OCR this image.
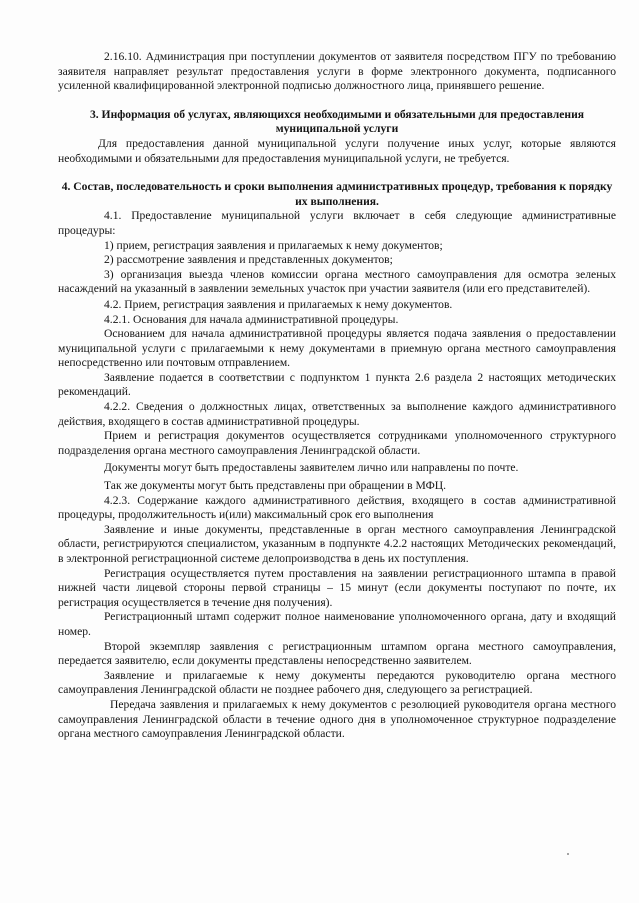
2.16.10. Администрация при поступлении документов от заявителя посредством ПГУ по требованию заявителя направляет результат предоставления услуги в форме электронного документа, подписанного усиленной квалифицированной электронной подписью должностного лица, принявшего решение.

3. Информация об услугах, являющихся необходимыми и обязательными для предоставления муниципальной услуги

Для предоставления данной муниципальной услуги получение иных услуг, которые являются необходимыми и обязательными для предоставления муниципальной услуги, не требуется.

4. Состав, последовательность и сроки выполнения административных процедур, требования к порядку их выполнения.

4.1. Предоставление муниципальной услуги включает в себя следующие административные процедуры:

1) прием, регистрация заявления и прилагаемых к нему документов;

2) рассмотрение заявления и представленных документов;

3) организация выезда членов комиссии органа местного самоуправления для осмотра зеленых насаждений на указанный в заявлении земельных участок при участии заявителя (или его представителей).

4.2. Прием, регистрация заявления и прилагаемых к нему документов.

4.2.1. Основания для начала административной процедуры.

Основанием для начала административной процедуры является подача заявления о предоставлении муниципальной услуги с прилагаемыми к нему документами в приемную органа местного самоуправления непосредственно или почтовым отправлением.

Заявление подается в соответствии с подпунктом 1 пункта 2.6 раздела 2 настоящих методических рекомендаций.

4.2.2. Сведения о должностных лицах, ответственных за выполнение каждого административного действия, входящего в состав административной процедуры.

Прием и регистрация документов осуществляется сотрудниками уполномоченного структурного подразделения органа местного самоуправления Ленинградской области.

Документы могут быть предоставлены заявителем лично или направлены по почте.

Так же документы могут быть представлены при обращении в МФЦ.

4.2.3. Содержание каждого административного действия, входящего в состав административной процедуры, продолжительность и(или) максимальный срок его выполнения

Заявление и иные документы, представленные в орган местного самоуправления Ленинградской области, регистрируются специалистом, указанным в подпункте 4.2.2 настоящих Методических рекомендаций, в электронной регистрационной системе делопроизводства в день их поступления.

Регистрация осуществляется путем проставления на заявлении регистрационного штампа в правой нижней части лицевой стороны первой страницы – 15 минут (если документы поступают по почте, их регистрация осуществляется в течение дня получения).

Регистрационный штамп содержит полное наименование уполномоченного органа, дату и входящий номер.

Второй экземпляр заявления с регистрационным штампом органа местного самоуправления, передается заявителю, если документы представлены непосредственно заявителем.

Заявление и прилагаемые к нему документы передаются руководителю органа местного самоуправления Ленинградской области не позднее рабочего дня, следующего за регистрацией.

Передача заявления и прилагаемых к нему документов с резолюцией руководителя органа местного самоуправления Ленинградской области в течение одного дня в уполномоченное структурное подразделение органа местного самоуправления Ленинградской области.
